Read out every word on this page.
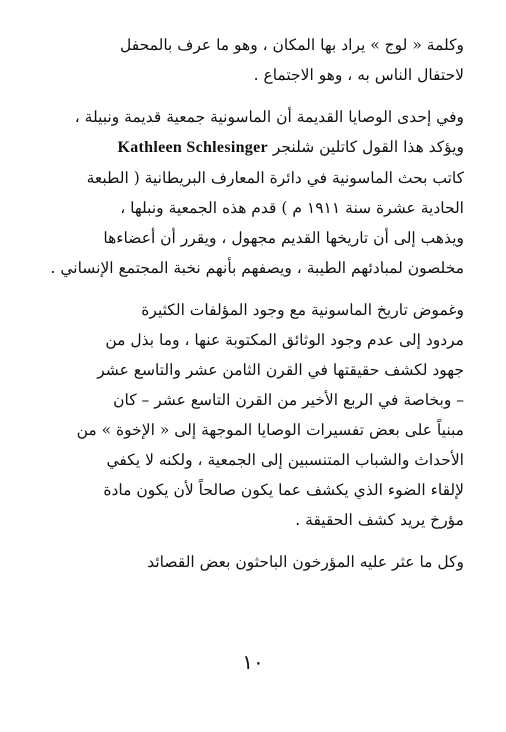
وكلمة « لوج » يراد بها المكان ، وهو ما عرف بالمحفل
لاحتفال الناس به ، وهو الاجتماع .

وفي إحدى الوصايا القديمة أن الماسونية جمعية قديمة ونبيلة ،
ويؤكد هذا القول كاتلين شلنجر Kathleen Schlesinger
كاتب بحث الماسونية في دائرة المعارف البريطانية ( الطبعة
الحادية عشرة سنة ١٩١١ م ) قدم هذه الجمعية ونبلها ،
ويذهب إلى أن تاريخها القديم مجهول ، ويقرر أن أعضاءها
مخلصون لمبادئهم الطيبة ، ويصفهم بأنهم نخبة المجتمع الإنساني .

وغموض تاريخ الماسونية مع وجود المؤلفات الكثيرة
مردود إلى عدم وجود الوثائق المكتوبة عنها ، وما بذل من
جهود لكشف حقيقتها في القرن الثامن عشر والتاسع عشر
– وبخاصة في الربع الأخير من القرن التاسع عشر – كان
مبنياً على بعض تفسيرات الوصايا الموجهة إلى « الإخوة » من
الأحداث والشباب المتنسبين إلى الجمعية ، ولكنه لا يكفي
لإلقاء الضوء الذي يكشف عما يكون صالحاً لأن يكون مادة
مؤرخ يريد كشف الحقيقة .

وكل ما عثر عليه المؤرخون الباحثون بعض القصائد

١٠
